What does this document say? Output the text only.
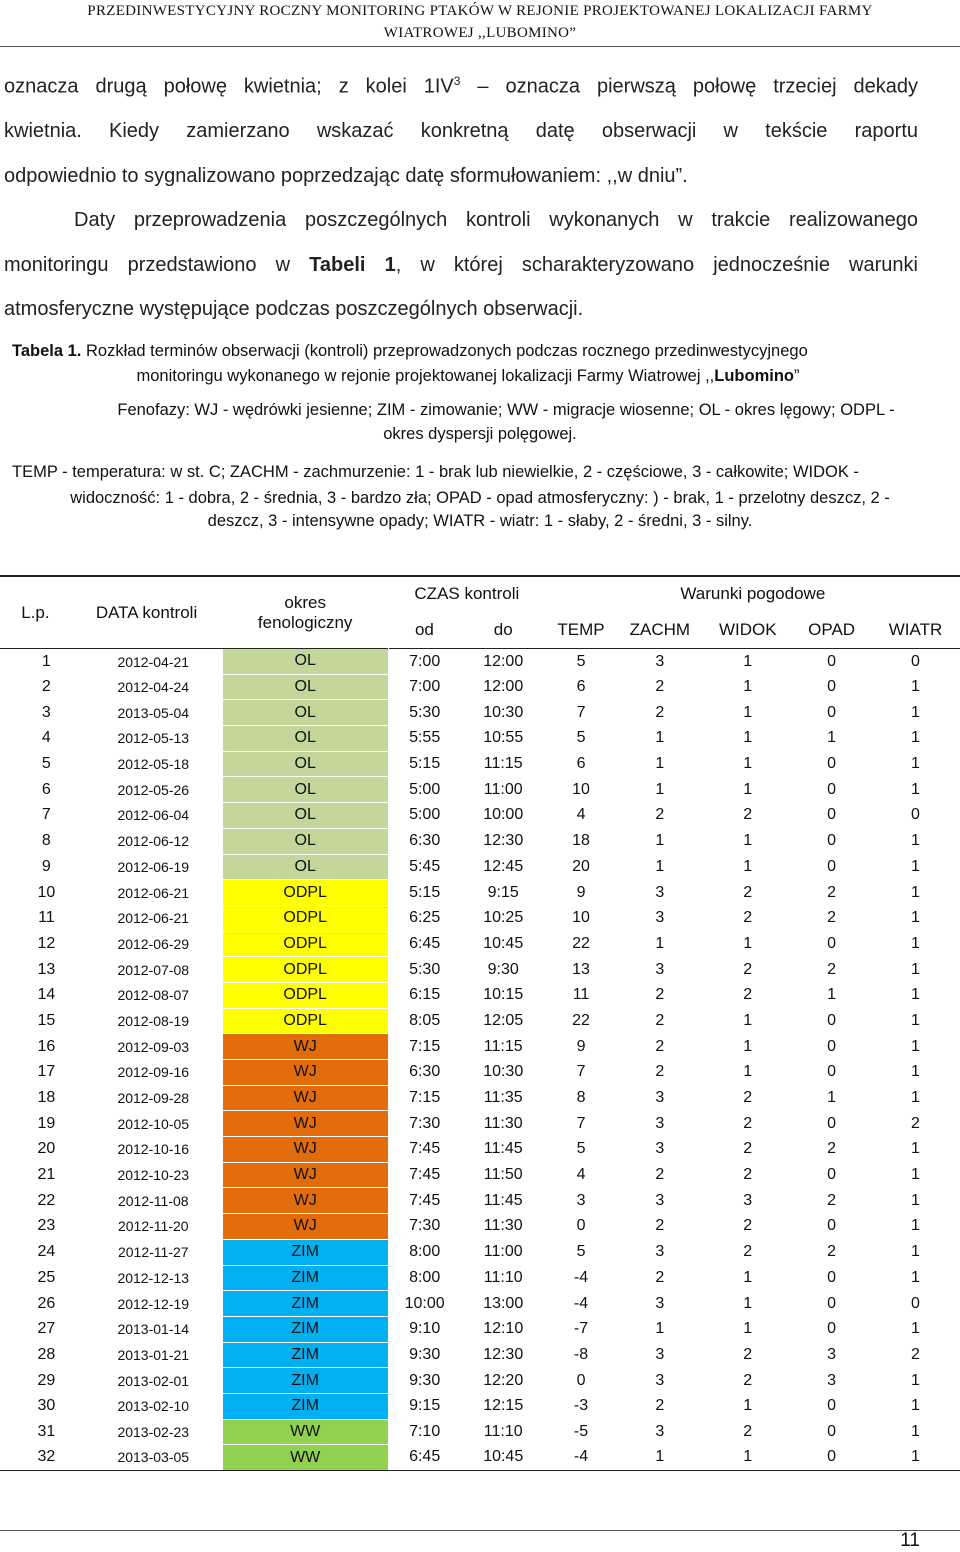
PRZEDINWESTYCYJNY ROCZNY MONITORING PTAKÓW W REJONIE PROJEKTOWANEJ LOKALIZACJI FARMY
WIATROWEJ ,,LUBOMINO”
oznacza drugą połowę kwietnia; z kolei $1IV^3$ – oznacza pierwszą połowę trzeciej dekady
kwietnia. Kiedy zamierzano wskazać konkretną datę obserwacji w tekście raportu
odpowiednio to sygnalizowano poprzedzając datę sformułowaniem: ,,w dniu”.
Daty przeprowadzenia poszczególnych kontroli wykonanych w trakcie realizowanego
monitoringu przedstawiono w Tabeli 1, w której scharakteryzowano jednocześnie warunki
atmosferyczne występujące podczas poszczególnych obserwacji.
Tabela 1. Rozkład terminów obserwacji (kontroli) przeprowadzonych podczas rocznego przedinwestycyjnego
monitoringu wykonanego w rejonie projektowanej lokalizacji Farmy Wiatrowej ,,Lubomino”
Fenofazy: WJ - wędrówki jesienne; ZIM - zimowanie; WW - migracje wiosenne; OL - okres lęgowy; ODPL -
okres dyspersji polęgowej.
TEMP - temperatura: w st. C; ZACHM - zachmurzenie: 1 - brak lub niewielkie, 2 - częściowe, 3 - całkowite; WIDOK -
widoczność: 1 - dobra, 2 - średnia, 3 - bardzo zła; OPAD - opad atmosferyczny: ) - brak, 1 - przelotny deszcz, 2 -
deszcz, 3 - intensywne opady; WIATR - wiatr: 1 - słaby, 2 - średni, 3 - silny.
L.p.	DATA kontroli	okres
fenologiczny	CZAS kontroli		Warunki pogodowe				
			od	do	TEMP	ZACHM	WIDOK	OPAD	WIATR
1	2012-04-21	OL	7:00	12:00	5	3	1	0	0
2	2012-04-24	OL	7:00	12:00	6	2	1	0	1
3	2013-05-04	OL	5:30	10:30	7	2	1	0	1
4	2012-05-13	OL	5:55	10:55	5	1	1	1	1
5	2012-05-18	OL	5:15	11:15	6	1	1	0	1
6	2012-05-26	OL	5:00	11:00	10	1	1	0	1
7	2012-06-04	OL	5:00	10:00	4	2	2	0	0
8	2012-06-12	OL	6:30	12:30	18	1	1	0	1
9	2012-06-19	OL	5:45	12:45	20	1	1	0	1
10	2012-06-21	ODPL	5:15	9:15	9	3	2	2	1
11	2012-06-21	ODPL	6:25	10:25	10	3	2	2	1
12	2012-06-29	ODPL	6:45	10:45	22	1	1	0	1
13	2012-07-08	ODPL	5:30	9:30	13	3	2	2	1
14	2012-08-07	ODPL	6:15	10:15	11	2	2	1	1
15	2012-08-19	ODPL	8:05	12:05	22	2	1	0	1
16	2012-09-03	WJ	7:15	11:15	9	2	1	0	1
17	2012-09-16	WJ	6:30	10:30	7	2	1	0	1
18	2012-09-28	WJ	7:15	11:35	8	3	2	1	1
19	2012-10-05	WJ	7:30	11:30	7	3	2	0	2
20	2012-10-16	WJ	7:45	11:45	5	3	2	2	1
21	2012-10-23	WJ	7:45	11:50	4	2	2	0	1
22	2012-11-08	WJ	7:45	11:45	3	3	3	2	1
23	2012-11-20	WJ	7:30	11:30	0	2	2	0	1
24	2012-11-27	ZIM	8:00	11:00	5	3	2	2	1
25	2012-12-13	ZIM	8:00	11:10	-4	2	1	0	1
26	2012-12-19	ZIM	10:00	13:00	-4	3	1	0	0
27	2013-01-14	ZIM	9:10	12:10	-7	1	1	0	1
28	2013-01-21	ZIM	9:30	12:30	-8	3	2	3	2
29	2013-02-01	ZIM	9:30	12:20	0	3	2	3	1
30	2013-02-10	ZIM	9:15	12:15	-3	2	1	0	1
31	2013-02-23	WW	7:10	11:10	-5	3	2	0	1
32	2013-03-05	WW	6:45	10:45	-4	1	1	0	1
11
